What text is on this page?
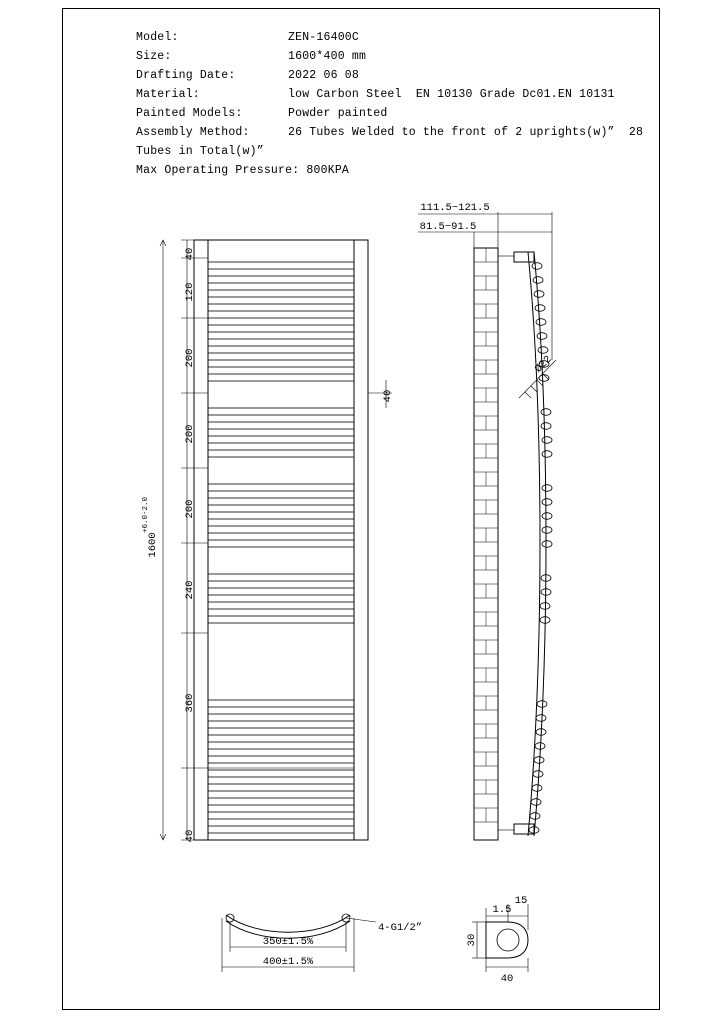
Model:	ZEN-16400C
Size:	1600*400 mm
Drafting Date:	2022 06 08
Material:	low Carbon Steel  EN 10130 Grade Dc01.EN 10131
Painted Models:	Powder painted
Assembly Method:	26 Tubes Welded to the front of 2 uprights(w)”  28
Tubes in Total(w)”
Max Operating Pressure: 800KPA
1600
+6.0
-2.0
40
120
200
200
200
240
360
40
40
Ø22
111.5~121.5
81.5~91.5
4-G1/2”
350±1.5%
400±1.5%
1.5
15
30
40
